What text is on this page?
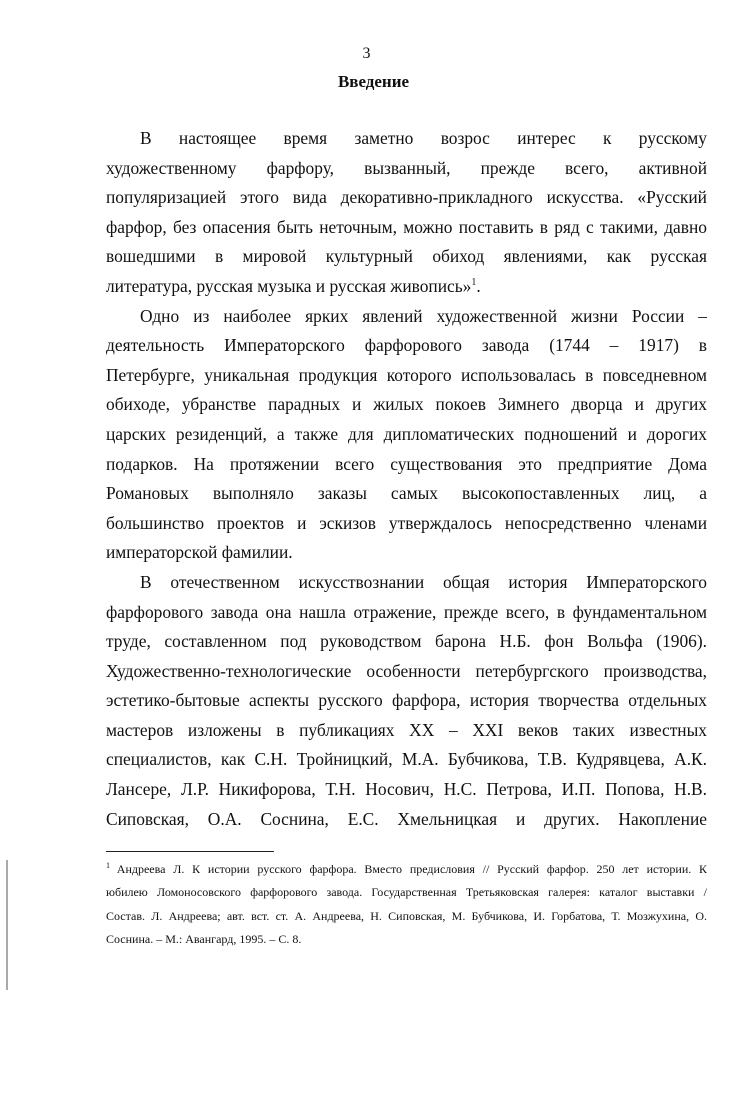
3
Введение
В настоящее время заметно возрос интерес к русскому
художественному фарфору, вызванный, прежде всего, активной
популяризацией этого вида декоративно-прикладного искусства. «Русский
фарфор, без опасения быть неточным, можно поставить в ряд с такими, давно
вошедшими в мировой культурный обиход явлениями, как русская
литература, русская музыка и русская живопись»$^1$.
Одно из наиболее ярких явлений художественной жизни России –
деятельность Императорского фарфорового завода (1744 – 1917) в
Петербурге, уникальная продукция которого использовалась в повседневном
обиходе, убранстве парадных и жилых покоев Зимнего дворца и других
царских резиденций, а также для дипломатических подношений и дорогих
подарков. На протяжении всего существования это предприятие Дома
Романовых выполняло заказы самых высокопоставленных лиц, а
большинство проектов и эскизов утверждалось непосредственно членами
императорской фамилии.
В отечественном искусствознании общая история Императорского
фарфорового завода она нашла отражение, прежде всего, в фундаментальном
труде, составленном под руководством барона Н.Б. фон Вольфа (1906).
Художественно-технологические особенности петербургского производства,
эстетико-бытовые аспекты русского фарфора, история творчества отдельных
мастеров изложены в публикациях XX – XXI веков таких известных
специалистов, как С.Н. Тройницкий, М.А. Бубчикова, Т.В. Кудрявцева, А.К.
Лансере, Л.Р. Никифорова, Т.Н. Носович, Н.С. Петрова, И.П. Попова, Н.В.
Сиповская, О.А. Соснина, Е.С. Хмельницкая и других. Накопление
$^1$ Андреева Л. К истории русского фарфора. Вместо предисловия // Русский фарфор. 250 лет истории. К
юбилею Ломоносовского фарфорового завода. Государственная Третьяковская галерея: каталог выставки /
Состав. Л. Андреева; авт. вст. ст. А. Андреева, Н. Сиповская, М. Бубчикова, И. Горбатова, Т. Мозжухина, О.
Соснина. – М.: Авангард, 1995. – С. 8.
